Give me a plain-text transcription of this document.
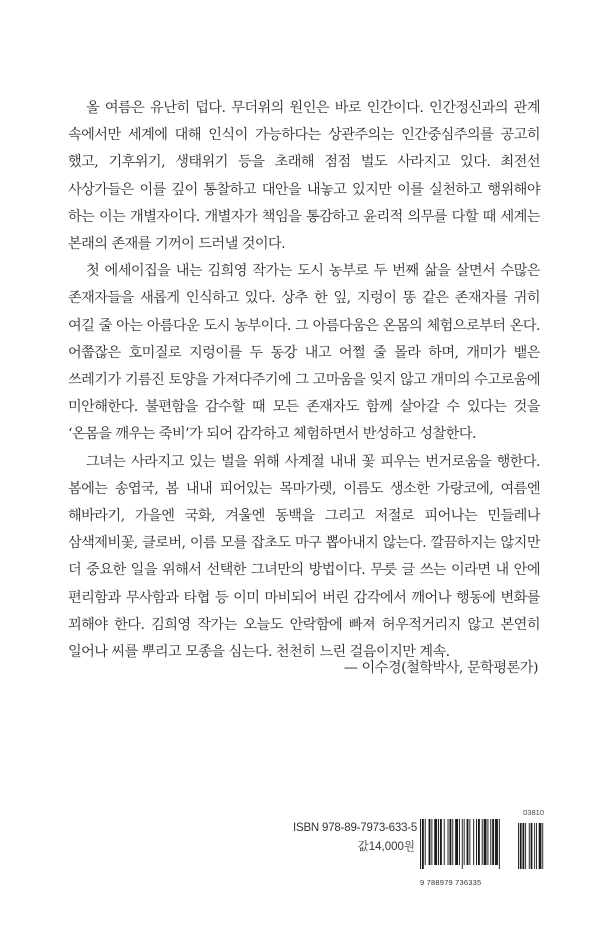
올 여름은 유난히 덥다. 무더위의 원인은 바로 인간이다. 인간정신과의 관계 속에서만 세계에 대해 인식이 가능하다는 상관주의는 인간중심주의를 공고히 했고, 기후위기, 생태위기 등을 초래해 점점 벌도 사라지고 있다. 최전선 사상가들은 이를 깊이 통찰하고 대안을 내놓고 있지만 이를 실천하고 행위해야 하는 이는 개별자이다. 개별자가 책임을 통감하고 윤리적 의무를 다할 때 세계는 본래의 존재를 기꺼이 드러낼 것이다.

첫 에세이집을 내는 김희영 작가는 도시 농부로 두 번째 삶을 살면서 수많은 존재자들을 새롭게 인식하고 있다. 상추 한 잎, 지렁이 똥 같은 존재자를 귀히 여길 줄 아는 아름다운 도시 농부이다. 그 아름다움은 온몸의 체험으로부터 온다. 어쭙잖은 호미질로 지렁이를 두 동강 내고 어쩔 줄 몰라 하며, 개미가 뱉은 쓰레기가 기름진 토양을 가져다주기에 그 고마움을 잊지 않고 개미의 수고로움에 미안해한다. 불편함을 감수할 때 모든 존재자도 함께 살아갈 수 있다는 것을 ‘온몸을 깨우는 죽비’가 되어 감각하고 체험하면서 반성하고 성찰한다.

그녀는 사라지고 있는 벌을 위해 사계절 내내 꽃 피우는 번거로움을 행한다. 봄에는 송엽국, 봄 내내 피어있는 목마가렛, 이름도 생소한 가랑코에, 여름엔 해바라기, 가을엔 국화, 겨울엔 동백을 그리고 저절로 피어나는 민들레나 삼색제비꽃, 클로버, 이름 모를 잡초도 마구 뽑아내지 않는다. 깔끔하지는 않지만 더 중요한 일을 위해서 선택한 그녀만의 방법이다. 무릇 글 쓰는 이라면 내 안에 편리함과 무사함과 타협 등 이미 마비되어 버린 감각에서 깨어나 행동에 변화를 꾀해야 한다. 김희영 작가는 오늘도 안락함에 빠져 허우적거리지 않고 본연히 일어나 씨를 뿌리고 모종을 심는다. 천천히 느린 걸음이지만 계속.

— 이수경(철학박사, 문학평론가)
ISBN 978-89-7973-633-5
값14,000원
03810
9 788979 736335
